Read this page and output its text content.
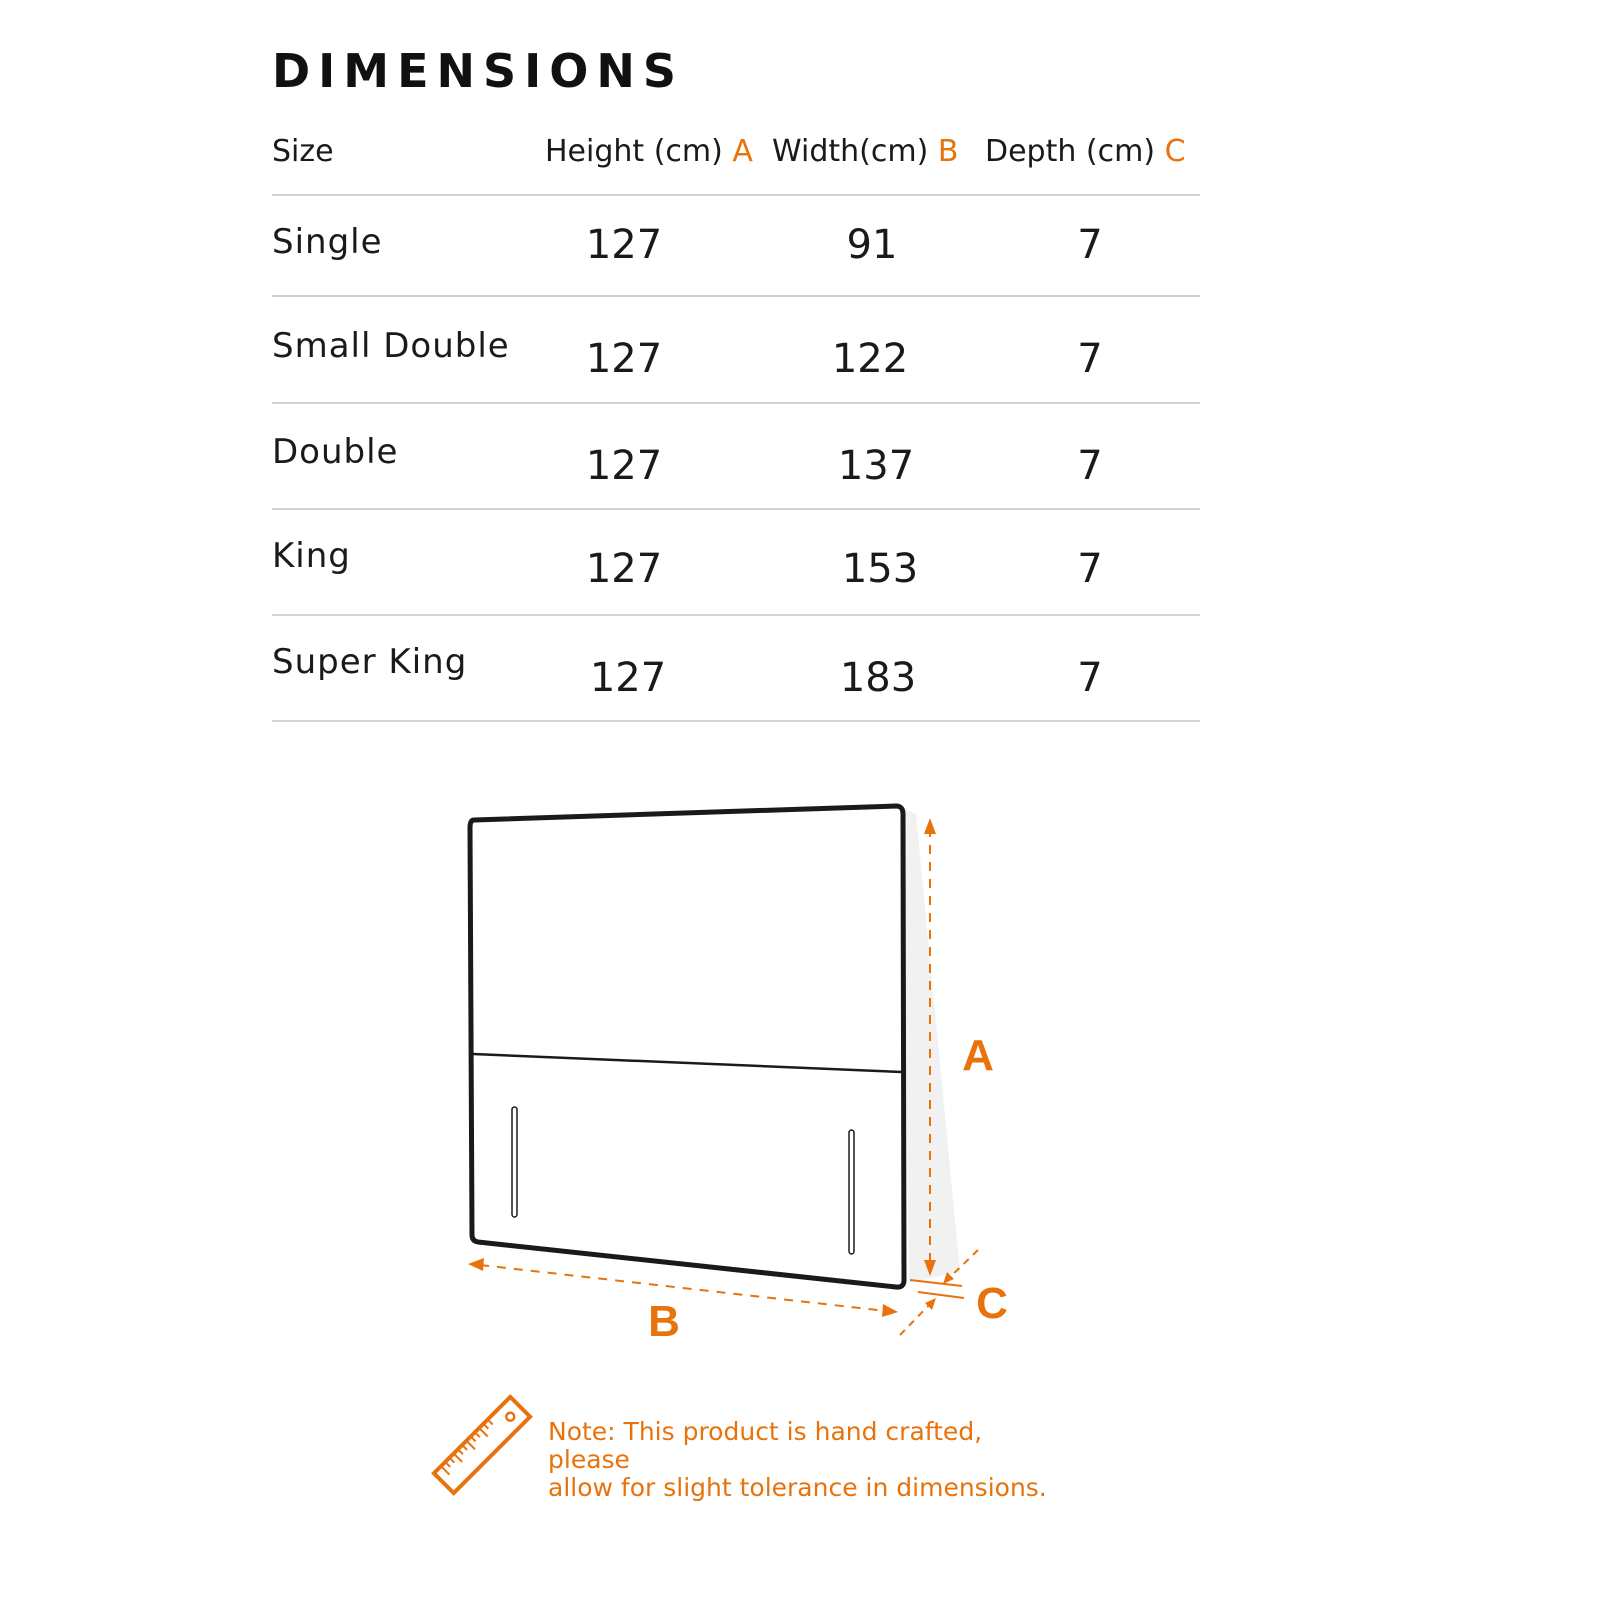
DIMENSIONS
Size	Height (cm) A Width(cm) B Depth (cm) C
Single	127	91	7
Small Double 127	122	7
Double	127	137	7
King	127	153	7
Super King	127	183	7
A
B	C
Note: This product is hand crafted, please
allow for slight tolerance in dimensions.
